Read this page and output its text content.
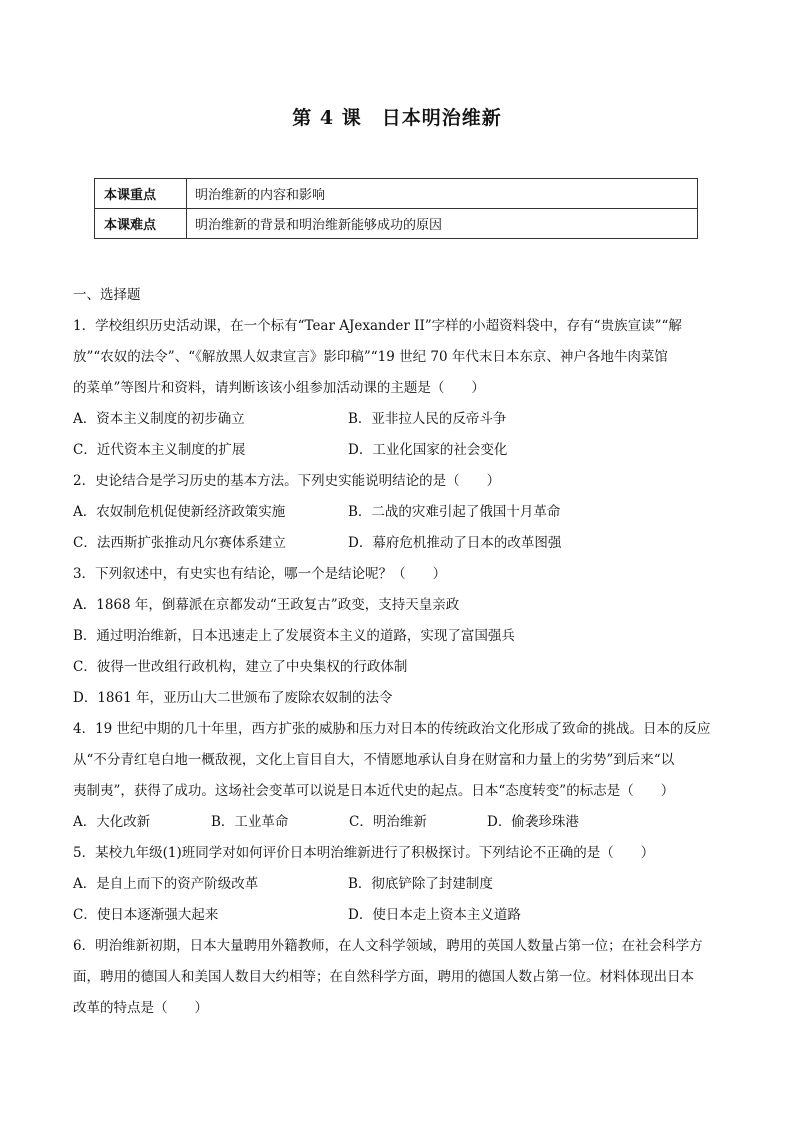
第 4 课　日本明治维新
本课重点	明治维新的内容和影响
本课难点	明治维新的背景和明治维新能够成功的原因
一、选择题
1．学校组织历史活动课，在一个标有“Tear AJexander II”字样的小超资料袋中，存有“贵族宣读”“解
放”“农奴的法令”、“《解放黑人奴隶宣言》影印稿”“19 世纪 70 年代末日本东京、神户各地牛肉菜馆
的菜单”等图片和资料，请判断该该小组参加活动课的主题是（　　）
A．资本主义制度的初步确立	B．亚非拉人民的反帝斗争
C．近代资本主义制度的扩展	D．工业化国家的社会变化
2．史论结合是学习历史的基本方法。下列史实能说明结论的是（　　）
A．农奴制危机促使新经济政策实施	B．二战的灾难引起了俄国十月革命
C．法西斯扩张推动凡尔赛体系建立	D．幕府危机推动了日本的改革图强
3．下列叙述中，有史实也有结论，哪一个是结论呢？（　　）
A．1868 年，倒幕派在京都发动“王政复古”政变，支持天皇亲政
B．通过明治维新，日本迅速走上了发展资本主义的道路，实现了富国强兵
C．彼得一世改组行政机构，建立了中央集权的行政体制
D．1861 年，亚历山大二世颁布了废除农奴制的法令
4．19 世纪中期的几十年里，西方扩张的威胁和压力对日本的传统政治文化形成了致命的挑战。日本的反应
从“不分青红皂白地一概敌视，文化上盲目自大，不情愿地承认自身在财富和力量上的劣势”到后来“以
夷制夷”，获得了成功。这场社会变革可以说是日本近代史的起点。日本“态度转变”的标志是（　　）
A．大化改新	B．工业革命	C．明治维新	D．偷袭珍珠港
5．某校九年级(1)班同学对如何评价日本明治维新进行了积极探讨。下列结论不正确的是（　　）
A．是自上而下的资产阶级改革	B．彻底铲除了封建制度
C．使日本逐渐强大起来	D．使日本走上资本主义道路
6．明治维新初期，日本大量聘用外籍教师，在人文科学领域，聘用的英国人数量占第一位；在社会科学方
面，聘用的德国人和美国人数目大约相等；在自然科学方面，聘用的德国人数占第一位。材料体现出日本
改革的特点是（　　）
